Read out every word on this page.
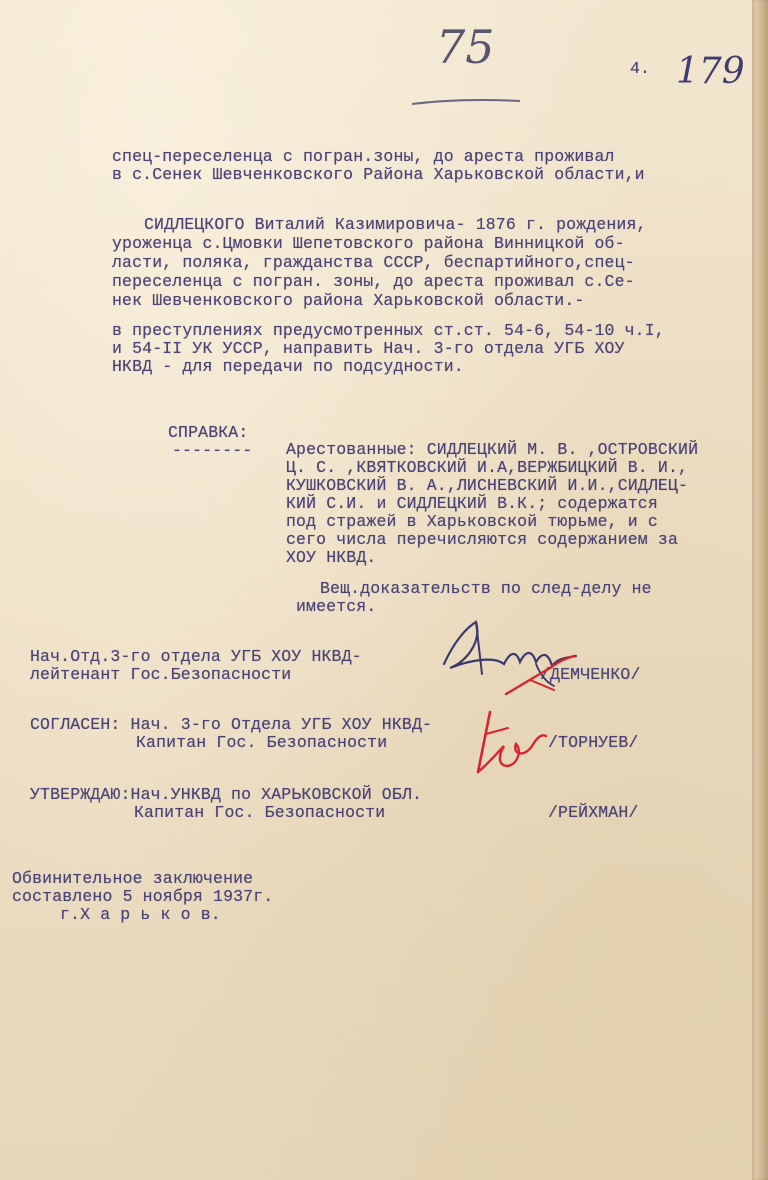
75	4. 179
спец-переселенца с погран.зоны, до ареста проживал
в с.Сенек Шевченковского Района Харьковской области,и
СИДЛЕЦКОГО Виталий Казимировича- 1876 г. рождения,
уроженца с.Цмовки Шепетовского района Винницкой об-
ласти, поляка, гражданства СССР, беспартийного,спец-
переселенца с погран. зоны, до ареста проживал с.Се-
нек Шевченковского района Харьковской области.-
в преступлениях предусмотренных ст.ст. 54-6, 54-10 ч.I,
и 54-II УК УССР, направить Нач. 3-го отдела УГБ ХОУ
НКВД - для передачи по подсудности.
СПРАВКА:
-------- Арестованные: СИДЛЕЦКИЙ М. В. ,ОСТРОВСКИЙ
Ц. С. ,КВЯТКОВСКИЙ И.А,ВЕРЖБИЦКИЙ В. И.,
КУШКОВСКИЙ В. А.,ЛИСНЕВСКИЙ И.И.,СИДЛЕЦ-
КИЙ С.И. и СИДЛЕЦКИЙ В.К.; содержатся
под стражей в Харьковской тюрьме, и с
сего числа перечисляются содержанием за
ХОУ НКВД.
Вещ.доказательств по след-делу не
имеется.
Нач.Отд.3-го отдела УГБ ХОУ НКВД-
лейтенант Гос.Безопасности	/ДЕМЧЕНКО/
СОГЛАСЕН: Нач. 3-го Отдела УГБ ХОУ НКВД-
Капитан Гос. Безопасности	/ТОРНУЕВ/
УТВЕРЖДАЮ:Нач.УНКВД по ХАРЬКОВСКОЙ ОБЛ.
Капитан Гос. Безопасности	/РЕЙХМАН/
Обвинительное заключение
составлено 5 ноября 1937г.
г.Х а р ь к о в.
